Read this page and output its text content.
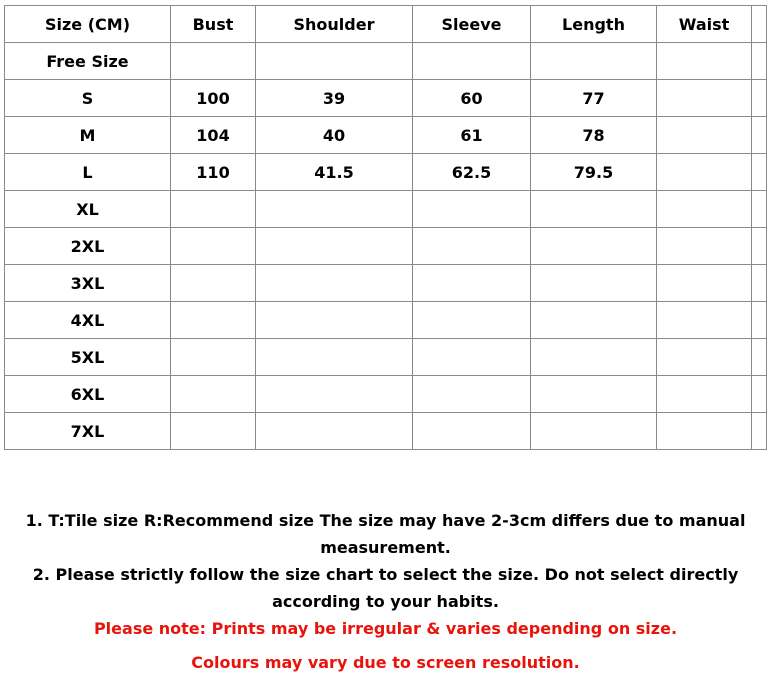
Size (CM)	Bust	Shoulder	Sleeve	Length	Waist	
Free Size						
S	100	39	60	77		
M	104	40	61	78		
L	110	41.5	62.5	79.5		
XL						
2XL						
3XL						
4XL						
5XL						
6XL						
7XL						
1. T:Tile size R:Recommend size The size may have 2-3cm differs due to manual
measurement.
2. Please strictly follow the size chart to select the size. Do not select directly
according to your habits.
Please note: Prints may be irregular & varies depending on size.
Colours may vary due to screen resolution.
